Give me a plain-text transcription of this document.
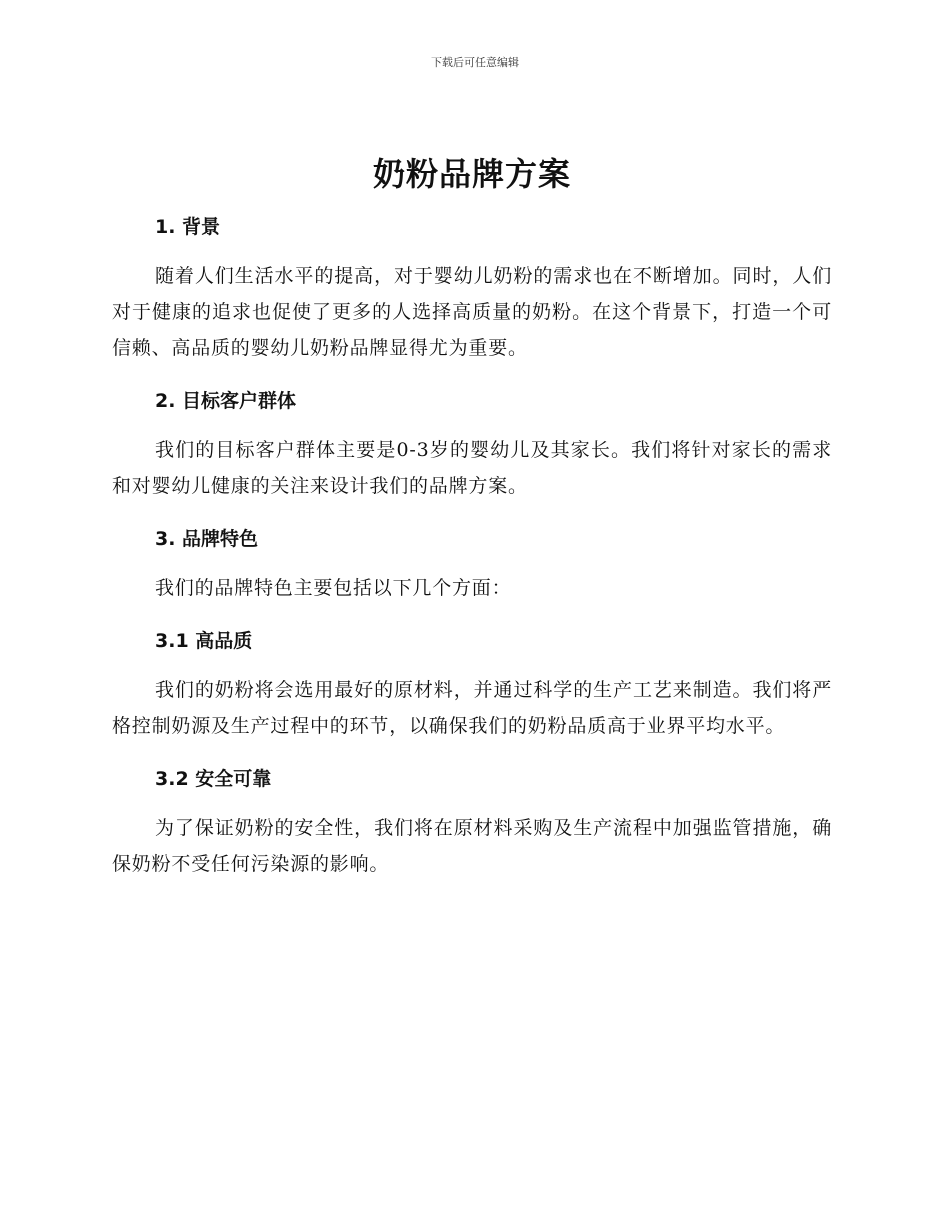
下载后可任意编辑
奶粉品牌方案
1. 背景

随着人们生活水平的提高，对于婴幼儿奶粉的需求也在不断增加。同时，人们对于健康的追求也促使了更多的人选择高质量的奶粉。在这个背景下，打造一个可信赖、高品质的婴幼儿奶粉品牌显得尤为重要。

2. 目标客户群体

我们的目标客户群体主要是0-3岁的婴幼儿及其家长。我们将针对家长的需求和对婴幼儿健康的关注来设计我们的品牌方案。

3. 品牌特色

我们的品牌特色主要包括以下几个方面：

3.1 高品质

我们的奶粉将会选用最好的原材料，并通过科学的生产工艺来制造。我们将严格控制奶源及生产过程中的环节，以确保我们的奶粉品质高于业界平均水平。

3.2 安全可靠

为了保证奶粉的安全性，我们将在原材料采购及生产流程中加强监管措施，确保奶粉不受任何污染源的影响。
